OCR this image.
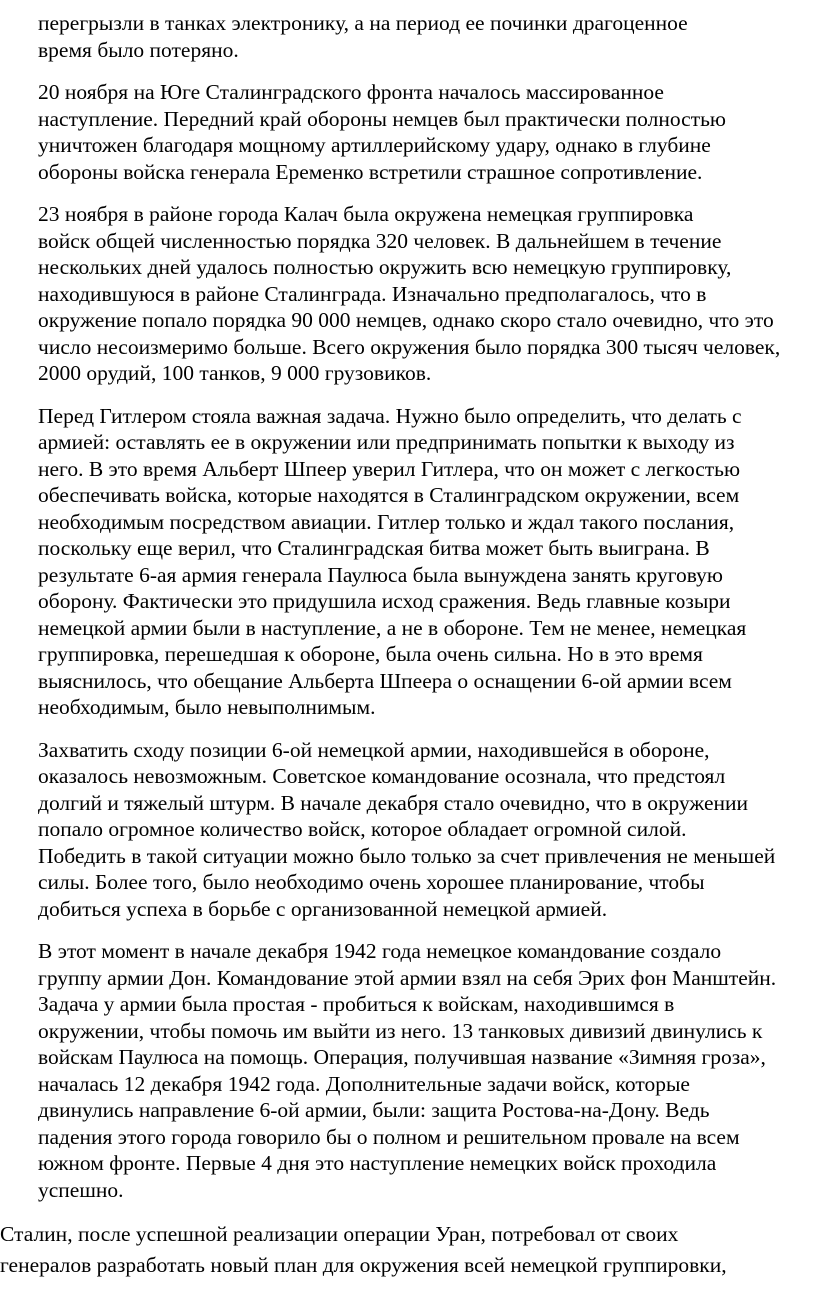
перегрызли в танках электронику, а на период ее починки драгоценное
время было потеряно.

20 ноября на Юге Сталинградского фронта началось массированное
наступление. Передний край обороны немцев был практически полностью
уничтожен благодаря мощному артиллерийскому удару, однако в глубине
обороны войска генерала Еременко встретили страшное сопротивление.

23 ноября в районе города Калач была окружена немецкая группировка
войск общей численностью порядка 320 человек. В дальнейшем в течение
нескольких дней удалось полностью окружить всю немецкую группировку,
находившуюся в районе Сталинграда. Изначально предполагалось, что в
окружение попало порядка 90 000 немцев, однако скоро стало очевидно, что это
число несоизмеримо больше. Всего окружения было порядка 300 тысяч человек,
2000 орудий, 100 танков, 9 000 грузовиков.

Перед Гитлером стояла важная задача. Нужно было определить, что делать с
армией: оставлять ее в окружении или предпринимать попытки к выходу из
него. В это время Альберт Шпеер уверил Гитлера, что он может с легкостью
обеспечивать войска, которые находятся в Сталинградском окружении, всем
необходимым посредством авиации. Гитлер только и ждал такого послания,
поскольку еще верил, что Сталинградская битва может быть выиграна. В
результате 6-ая армия генерала Паулюса была вынуждена занять круговую
оборону. Фактически это придушила исход сражения. Ведь главные козыри
немецкой армии были в наступление, а не в обороне. Тем не менее, немецкая
группировка, перешедшая к обороне, была очень сильна. Но в это время
выяснилось, что обещание Альберта Шпеера о оснащении 6-ой армии всем
необходимым, было невыполнимым.

Захватить сходу позиции 6-ой немецкой армии, находившейся в обороне,
оказалось невозможным. Советское командование осознала, что предстоял
долгий и тяжелый штурм. В начале декабря стало очевидно, что в окружении
попало огромное количество войск, которое обладает огромной силой.
Победить в такой ситуации можно было только за счет привлечения не меньшей
силы. Более того, было необходимо очень хорошее планирование, чтобы
добиться успеха в борьбе с организованной немецкой армией.

В этот момент в начале декабря 1942 года немецкое командование создало
группу армии Дон. Командование этой армии взял на себя Эрих фон Манштейн.
Задача у армии была простая - пробиться к войскам, находившимся в
окружении, чтобы помочь им выйти из него. 13 танковых дивизий двинулись к
войскам Паулюса на помощь. Операция, получившая название «Зимняя гроза»,
началась 12 декабря 1942 года. Дополнительные задачи войск, которые
двинулись направление 6-ой армии, были: защита Ростова-на-Дону. Ведь
падения этого города говорило бы о полном и решительном провале на всем
южном фронте. Первые 4 дня это наступление немецких войск проходила
успешно.

Сталин, после успешной реализации операции Уран, потребовал от своих
генералов разработать новый план для окружения всей немецкой группировки,
